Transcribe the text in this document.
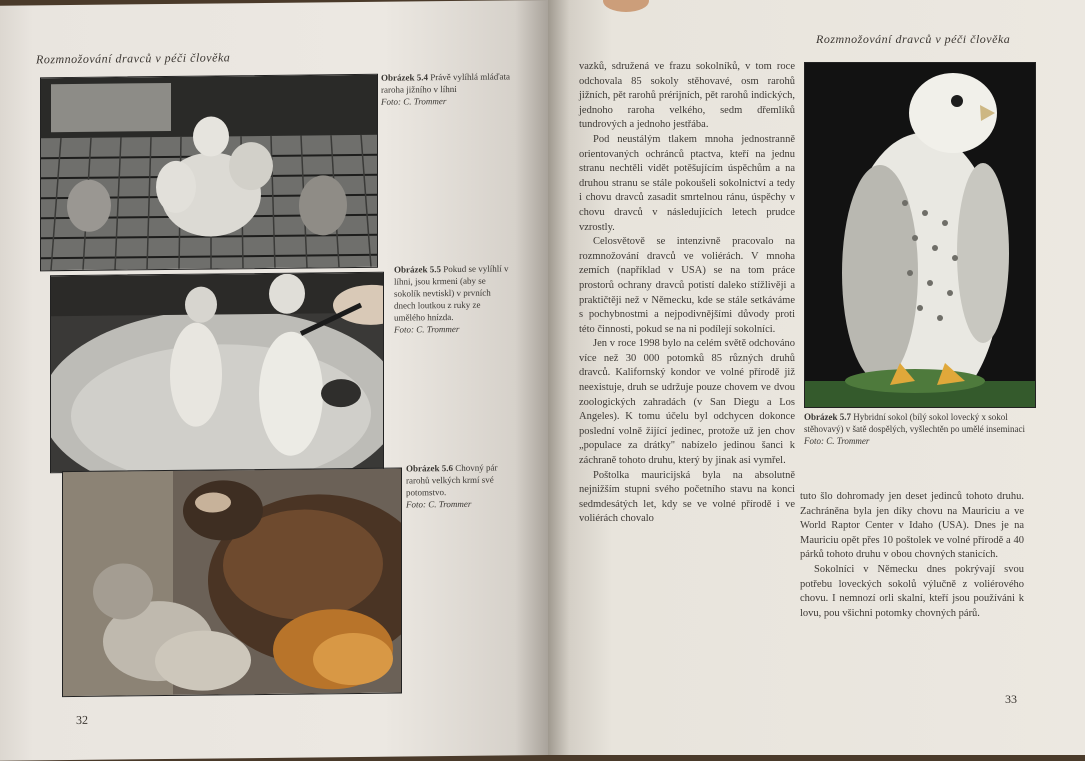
Rozmnožování dravců v péči člověka
Obrázek 5.4 Právě vylíhlá mláďata raroha jižního v líhni
Foto: C. Trommer
Obrázek 5.5 Pokud se vylíhlí v líhni, jsou krmeni (aby se sokolík nevtiskl) v prvních dnech loutkou z ruky ze umělého hnízda.
Foto: C. Trommer
Obrázek 5.6 Chovný pár rarohů velkých krmí své potomstvo.
Foto: C. Trommer
32
Rozmnožování dravců v péči člověka

vazků, sdružená ve frazu sokolníků, v tom roce odchovala 85 sokoly stěhovavé, osm rarohů jižních, pět rarohů prérijních, pět rarohů indických, jednoho raroha velkého, sedm dřemlíků tundrových a jednoho jestřába.

Pod neustálým tlakem mnoha jednostranně orientovaných ochránců ptactva, kteří na jednu stranu nechtěli vidět potěšujícím úspěchům a na druhou stranu se stále pokoušeli sokolnictví a tedy i chovu dravců zasadit smrtelnou ránu, úspěchy v chovu dravců v následujících letech prudce vzrostly.

Celosvětově se intenzivně pracovalo na rozmnožování dravců ve voliérách. V mnoha zemích (například v USA) se na tom práce prostorů ochrany dravců potistí daleko stížlivěji a praktičtěji než v Německu, kde se stále setkáváme s pochybnostmi a nejpodivnějšími důvody proti této činnosti, pokud se na ni podílejí sokolníci.

Jen v roce 1998 bylo na celém světě odchováno více než 30 000 potomků 85 různých druhů dravců. Kalifornský kondor ve volné přírodě již neexistuje, druh se udržuje pouze chovem ve dvou zoologických zahradách (v San Diegu a Los Angeles). K tomu účelu byl odchycen dokonce poslední volně žijící jedinec, protože už jen chov „populace za drátky" nabízelo jedinou šanci k záchraně tohoto druhu, který by jinak asi vymřel.

Poštolka mauricijská byla na absolutně nejnižším stupni svého početního stavu na konci sedmdesátých let, kdy se ve volné přírodě i ve voliérách chovalo

Obrázek 5.7 Hybridní sokol (bílý sokol lovecký x sokol stěhovavý) v šatě dospělých, vyšlechtěn po umělé inseminaci
Foto: C. Trommer

tuto šlo dohromady jen deset jedinců tohoto druhu. Zachráněna byla jen díky chovu na Mauriciu a ve World Raptor Center v Idaho (USA). Dnes je na Mauriciu opět přes 10 poštolek ve volné přírodě a 40 párků tohoto druhu v obou chovných stanicích.

Sokolníci v Německu dnes pokrývají svou potřebu loveckých sokolů výlučně z voliérového chovu. I nemnozí orli skalní, kteří jsou používáni k lovu, pou všichni potomky chovných párů.

33
